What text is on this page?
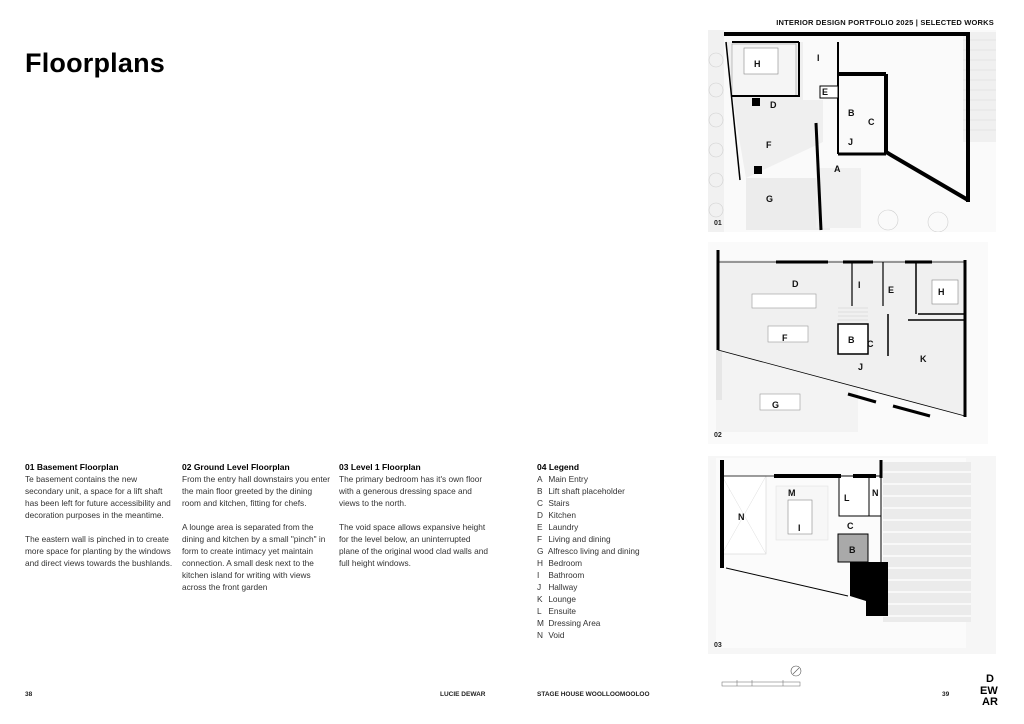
INTERIOR DESIGN PORTFOLIO 2025 | SELECTED WORKS
Floorplans
01 Basement Floorplan

Te basement contains the new secondary unit, a space for a lift shaft has been left for future accessibility and decoration purposes in the meantime.

The eastern wall is pinched in to create more space for planting by the windows and direct views towards the bushlands.

02 Ground Level Floorplan

From the entry hall downstairs you enter the main floor greeted by the dining room and kitchen, fitting for chefs.

A lounge area is separated from the dining and kitchen by a small "pinch" in form to create intimacy yet maintain connection. A small desk next to the kitchen island for writing with views across the front garden

03 Level 1 Floorplan

The primary bedroom has it's own floor with a generous dressing space and views to the north.

The void space allows expansive height for the level below, an uninterrupted plane of the original wood clad walls and full height windows.

04 Legend
A Main Entry
B Lift shaft placeholder
C Stairs
D Kitchen
E Laundry
F Living and dining
G Alfresco living and dining
H Bedroom
I Bathroom
J Hallway
K Lounge
L Ensuite
M Dressing Area
N Void
H
I
E
D
B
C
J
F
A
G
01
D	I	E	H
F	B C
J
K
G
02
M	L	N
N
I	C
B
03
38	LUCIE DEWAR	STAGE HOUSE WOOLLOOMOOLOO	39
D
EW
AR
